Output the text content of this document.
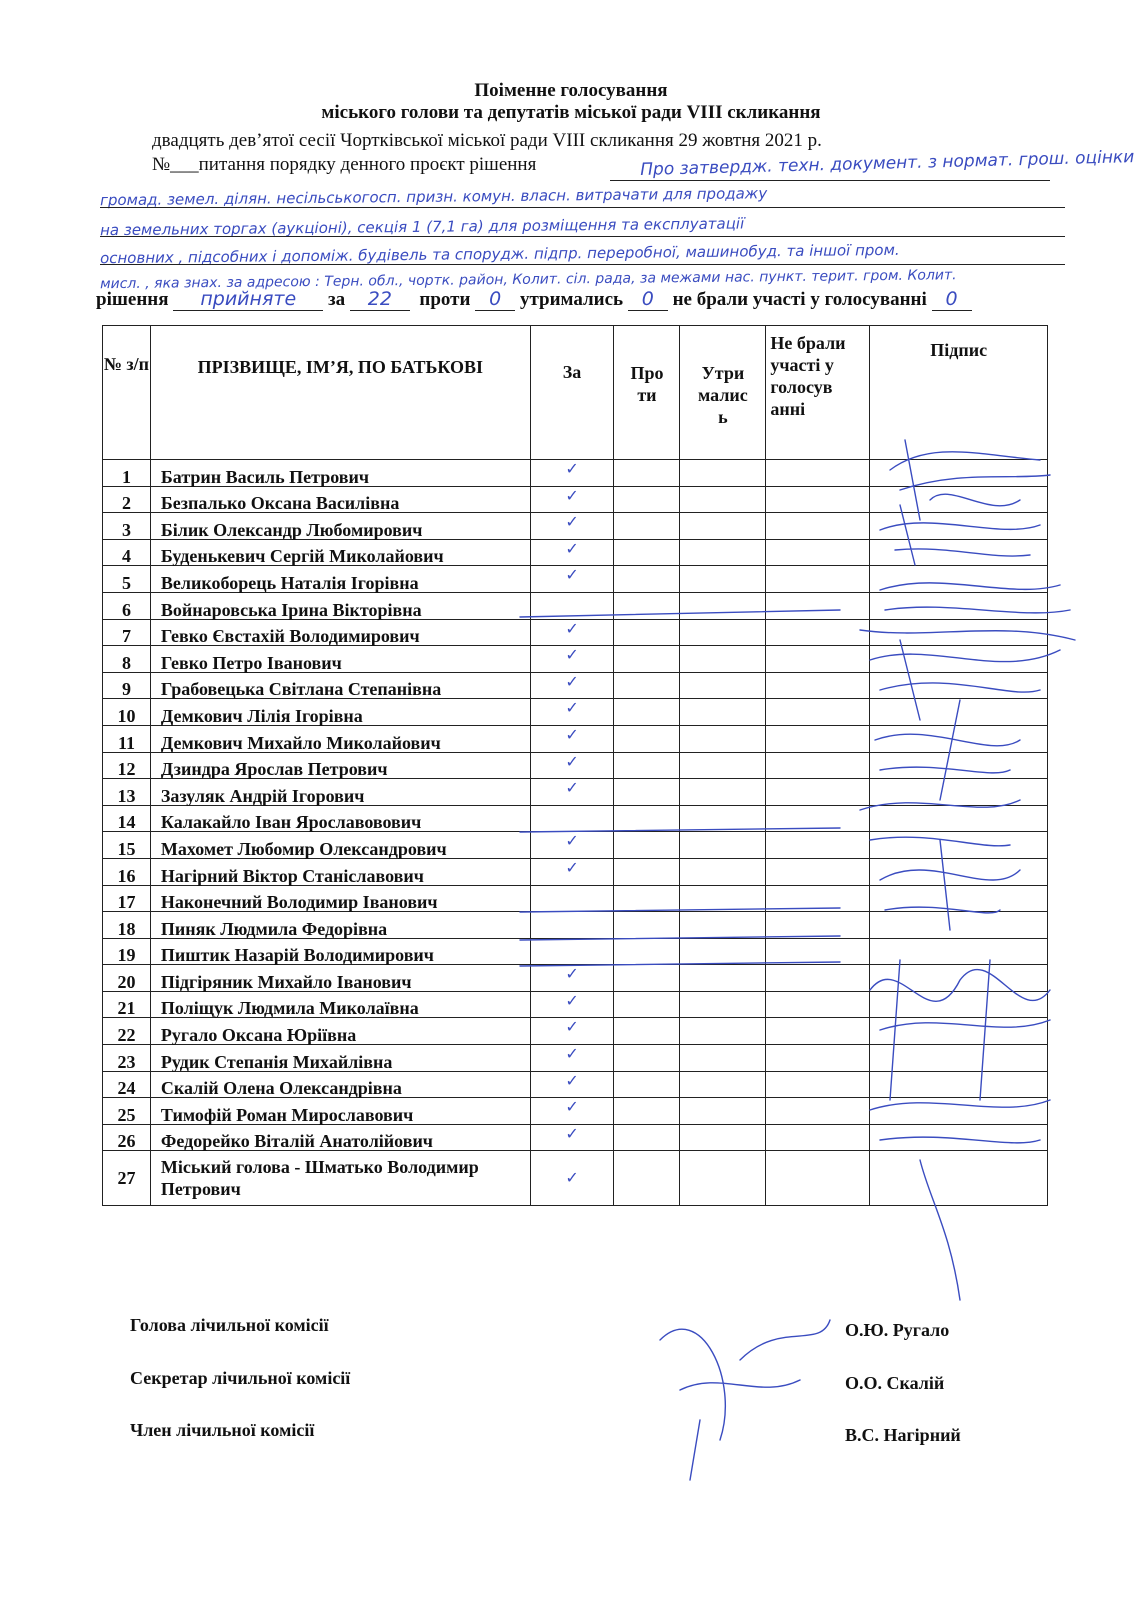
Поіменне голосування
міського голови та депутатів міської ради VIII скликання
двадцять дев’ятої сесії Чортківської міської ради VIII скликання 29 жовтня 2021 р.
№___питання порядку денного проєкт рішення	Про затвердж. техн. документ. з нормат. грош. оцінки
громад. земел. ділян. несільськогосп. призн. комун. власн. витрачати для продажу
на земельних торгах (аукціоні), секція 1 (7,1 га) для розміщення та експлуатації
основних , підсобних і допоміж. будівель та спорудж. підпр. переробної, машинобуд. та іншої пром.
мисл. , яка знах. за адресою : Терн. обл., чортк. район, Колит. сіл. рада, за межами нас. пункт. терит. гром. Колит.
рішення прийняте за 22 проти 0 утримались 0 не брали участі у голосуванні 0
№ з/п	ПРІЗВИЩЕ, ІМ’Я, ПО БАТЬКОВІ	За	Про ти	Утри малис ь	Не брали участі у голосув анні	Підпис

1	Батрин Василь Петрович	✓				
2	Безпалько Оксана Василівна	✓				
3	Білик Олександр Любомирович	✓				
4	Буденькевич Сергій Миколайович	✓				
5	Великоборець Наталія Ігорівна	✓				
6	Войнаровська Ірина Вікторівна					
7	Гевко Євстахій Володимирович	✓				
8	Гевко Петро Іванович	✓				
9	Грабовецька Світлана Степанівна	✓				
10	Демкович Лілія Ігорівна	✓				
11	Демкович Михайло Миколайович	✓				
12	Дзиндра Ярослав Петрович	✓				
13	Зазуляк Андрій Ігорович	✓				
14	Калакайло Іван Ярославовович					
15	Махомет Любомир Олександрович	✓				
16	Нагірний Віктор Станіславович	✓				
17	Наконечний Володимир Іванович					
18	Пиняк Людмила Федорівна					
19	Пиштик Назарій Володимирович					
20	Підгіряник Михайло Іванович	✓				
21	Поліщук Людмила Миколаївна	✓				
22	Ругало Оксана Юріївна	✓				
23	Рудик Степанія Михайлівна	✓				
24	Скалій Олена Олександрівна	✓				
25	Тимофій Роман Мирославович	✓				
26	Федорейко Віталій Анатолійович	✓				
27	Міський голова - Шматько Володимир Петрович	✓				
Голова лічильної комісії	О.Ю. Ругало
Секретар лічильної комісії	О.О. Скалій
Член лічильної комісії	В.С. Нагірний
